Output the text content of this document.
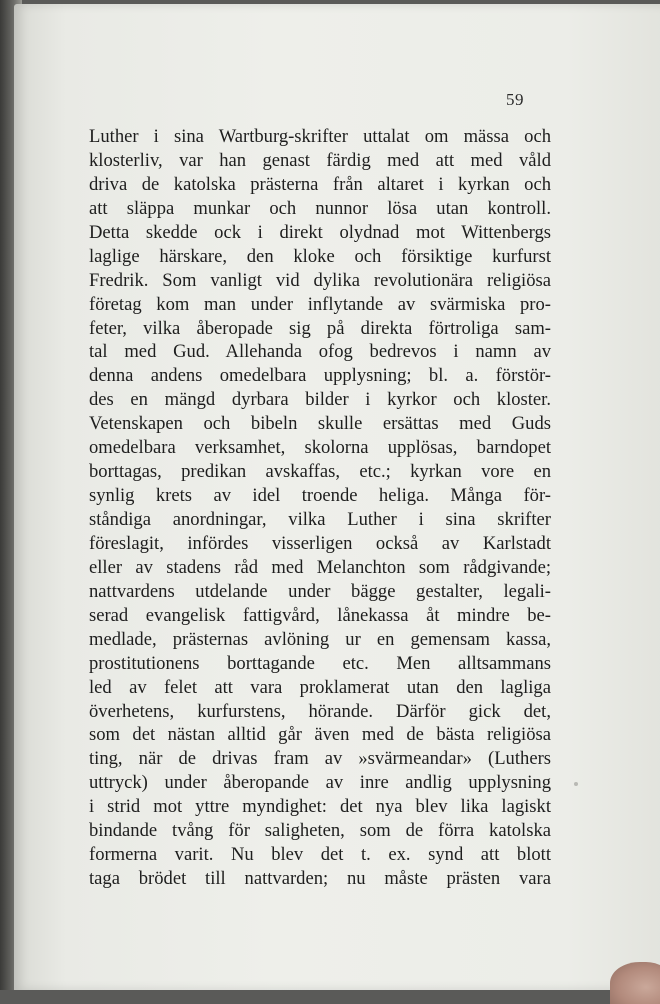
59
Luther i sina Wartburg-skrifter uttalat om mässa och
klosterliv, var han genast färdig med att med våld
driva de katolska prästerna från altaret i kyrkan och
att släppa munkar och nunnor lösa utan kontroll.
Detta skedde ock i direkt olydnad mot Wittenbergs
laglige härskare, den kloke och försiktige kurfurst
Fredrik. Som vanligt vid dylika revolutionära religiösa
företag kom man under inflytande av svärmiska pro-
feter, vilka åberopade sig på direkta förtroliga sam-
tal med Gud. Allehanda ofog bedrevos i namn av
denna andens omedelbara upplysning; bl. a. förstör-
des en mängd dyrbara bilder i kyrkor och kloster.
Vetenskapen och bibeln skulle ersättas med Guds
omedelbara verksamhet, skolorna upplösas, barndopet
borttagas, predikan avskaffas, etc.; kyrkan vore en
synlig krets av idel troende heliga. Många för-
ståndiga anordningar, vilka Luther i sina skrifter
föreslagit, infördes visserligen också av Karlstadt
eller av stadens råd med Melanchton som rådgivande;
nattvardens utdelande under bägge gestalter, legali-
serad evangelisk fattigvård, lånekassa åt mindre be-
medlade, prästernas avlöning ur en gemensam kassa,
prostitutionens borttagande etc. Men alltsammans
led av felet att vara proklamerat utan den lagliga
överhetens, kurfurstens, hörande. Därför gick det,
som det nästan alltid går även med de bästa religiösa
ting, när de drivas fram av »svärmeandar» (Luthers
uttryck) under åberopande av inre andlig upplysning
i strid mot yttre myndighet: det nya blev lika lagiskt
bindande tvång för saligheten, som de förra katolska
formerna varit. Nu blev det t. ex. synd att blott
taga brödet till nattvarden; nu måste prästen vara
